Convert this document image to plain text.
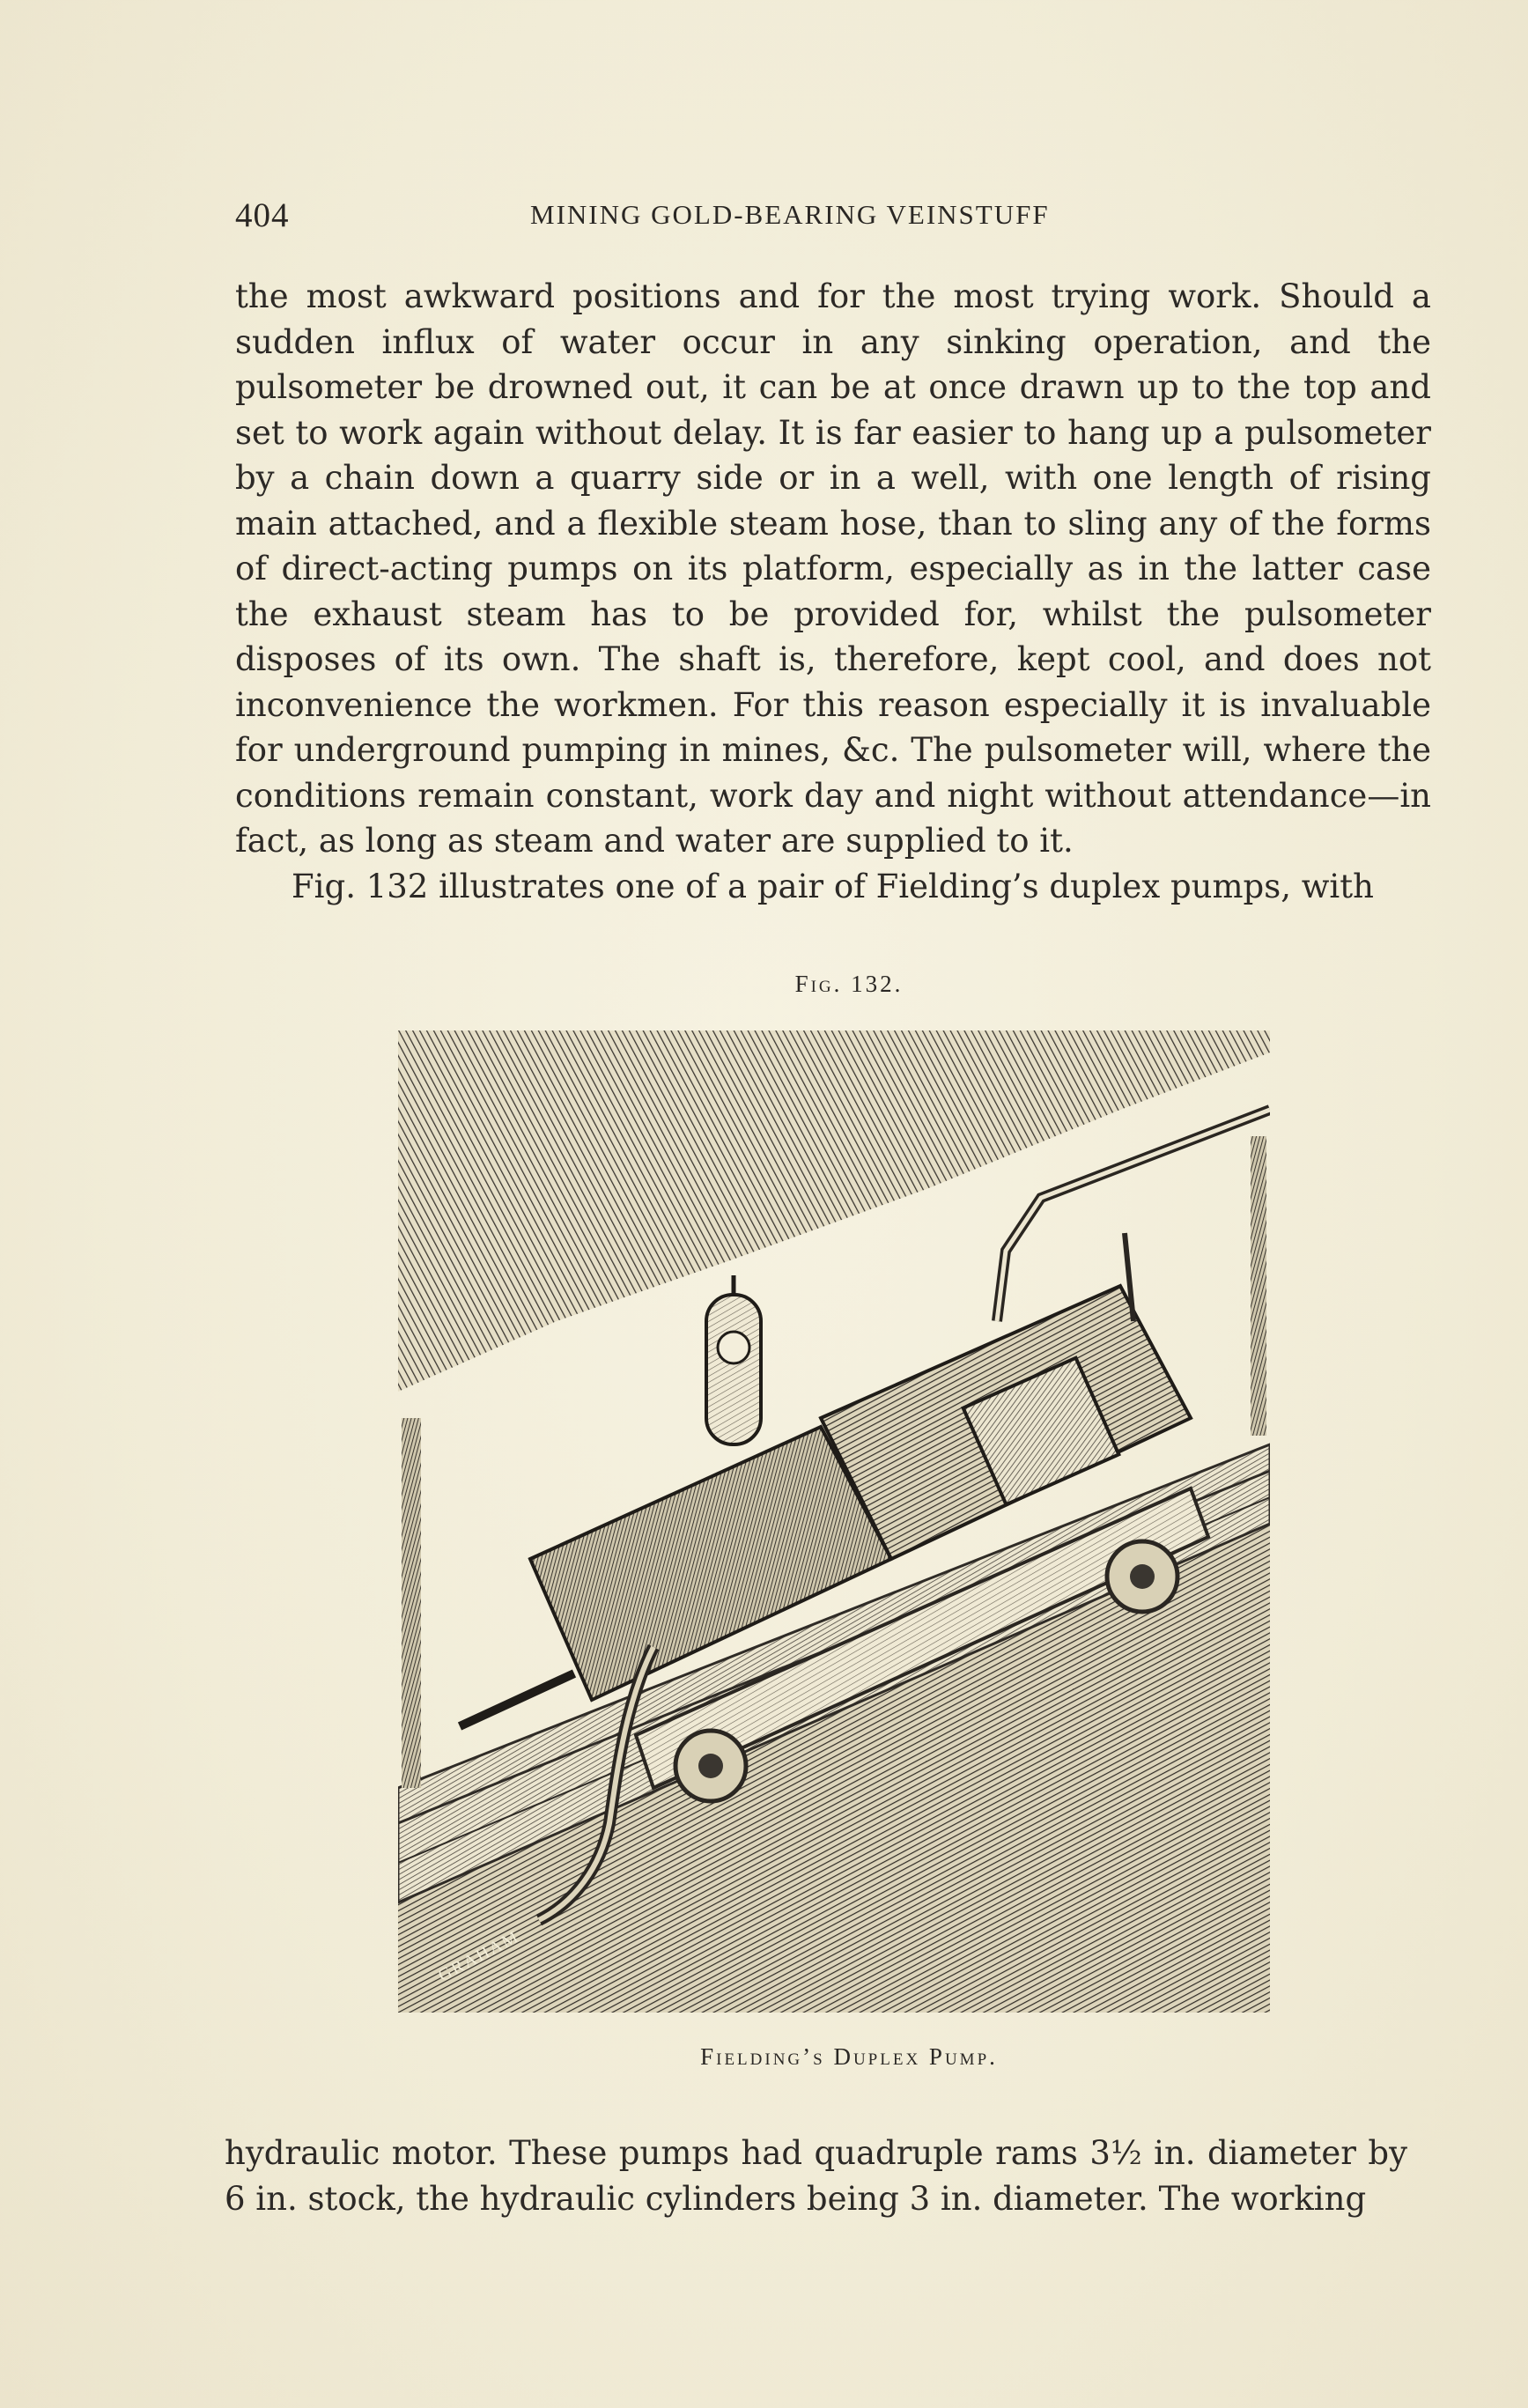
404	MINING GOLD-BEARING VEINSTUFF
the most awkward positions and for the most trying work. Should a sudden influx of water occur in any sinking operation, and the pulsometer be drowned out, it can be at once drawn up to the top and set to work again without delay. It is far easier to hang up a pulsometer by a chain down a quarry side or in a well, with one length of rising main attached, and a flexible steam hose, than to sling any of the forms of direct-acting pumps on its platform, especially as in the latter case the exhaust steam has to be provided for, whilst the pulsometer disposes of its own. The shaft is, therefore, kept cool, and does not inconvenience the workmen. For this reason especially it is invaluable for underground pumping in mines, &c. The pulsometer will, where the conditions remain constant, work day and night without attendance—in fact, as long as steam and water are supplied to it.
Fig. 132 illustrates one of a pair of Fielding’s duplex pumps, with
Fig. 132.
GRAHAM
Fielding’s Duplex Pump.
hydraulic motor. These pumps had quadruple rams 3½ in. diameter by 6 in. stock, the hydraulic cylinders being 3 in. diameter. The working
